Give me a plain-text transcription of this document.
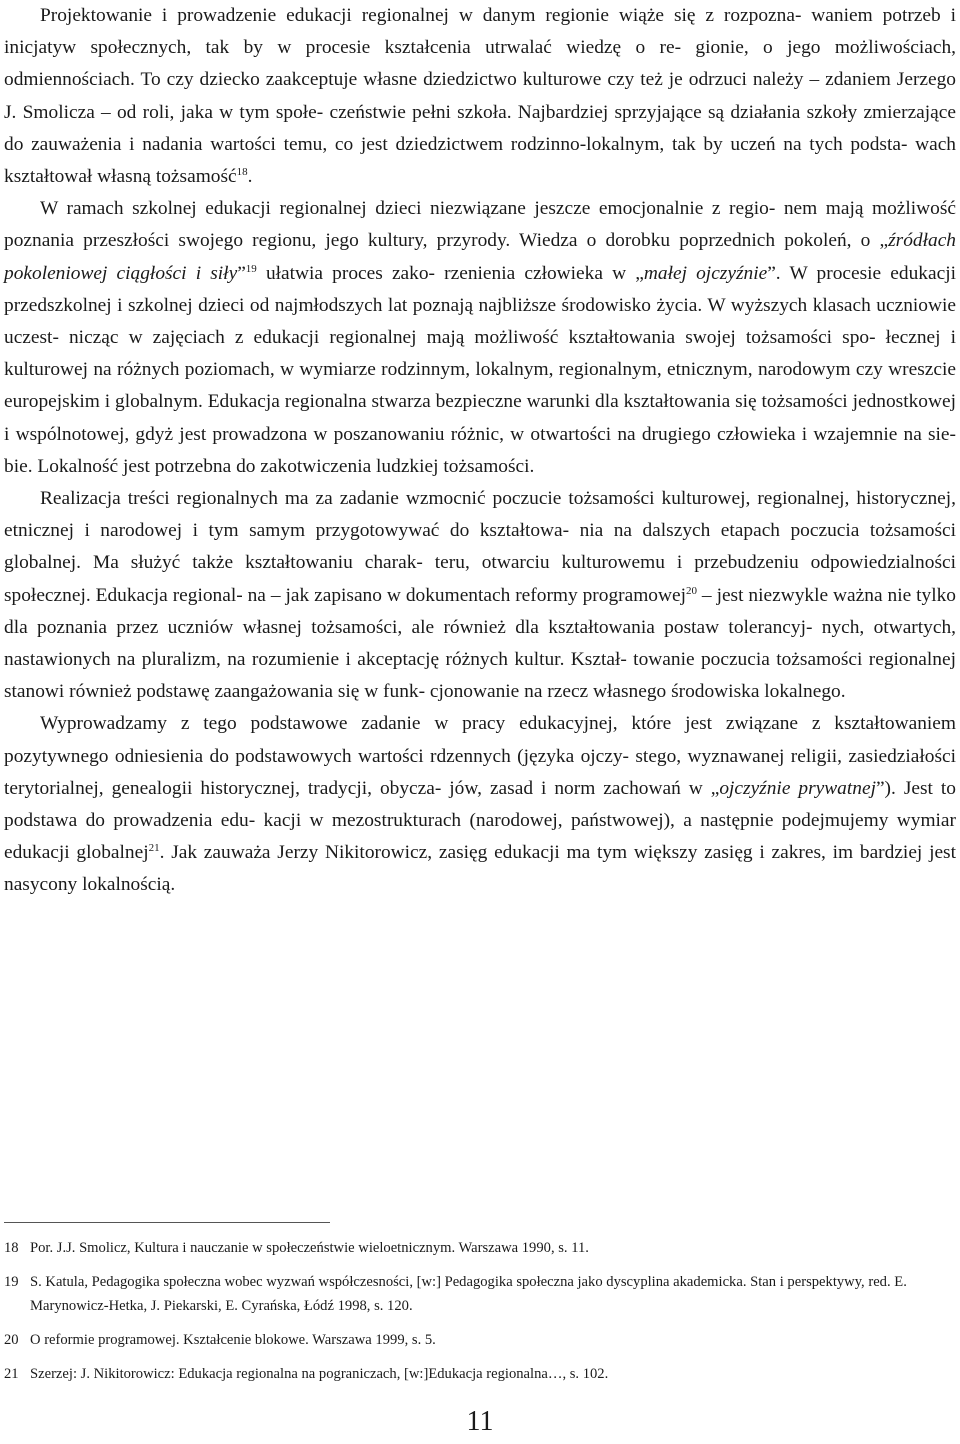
Projektowanie i prowadzenie edukacji regionalnej w danym regionie wiąże się z rozpozna- waniem potrzeb i inicjatyw społecznych, tak by w procesie kształcenia utrwalać wiedzę o re- gionie, o jego możliwościach, odmiennościach. To czy dziecko zaakceptuje własne dziedzictwo kulturowe czy też je odrzuci należy – zdaniem Jerzego J. Smolicza – od roli, jaka w tym społe- czeństwie pełni szkoła. Najbardziej sprzyjające są działania szkoły zmierzające do zauważenia i nadania wartości temu, co jest dziedzictwem rodzinno-lokalnym, tak by uczeń na tych podsta- wach kształtował własną tożsamość$^{18}$.

W ramach szkolnej edukacji regionalnej dzieci niezwiązane jeszcze emocjonalnie z regio- nem mają możliwość poznania przeszłości swojego regionu, jego kultury, przyrody. Wiedza o dorobku poprzednich pokoleń, o „źródłach pokoleniowej ciągłości i siły”$^{19}$ ułatwia proces zako- rzenienia człowieka w „małej ojczyźnie”. W procesie edukacji przedszkolnej i szkolnej dzieci od najmłodszych lat poznają najbliższe środowisko życia. W wyższych klasach uczniowie uczest- nicząc w zajęciach z edukacji regionalnej mają możliwość kształtowania swojej tożsamości spo- łecznej i kulturowej na różnych poziomach, w wymiarze rodzinnym, lokalnym, regionalnym, etnicznym, narodowym czy wreszcie europejskim i globalnym. Edukacja regionalna stwarza bezpieczne warunki dla kształtowania się tożsamości jednostkowej i wspólnotowej, gdyż jest prowadzona w poszanowaniu różnic, w otwartości na drugiego człowieka i wzajemnie na sie- bie. Lokalność jest potrzebna do zakotwiczenia ludzkiej tożsamości.

Realizacja treści regionalnych ma za zadanie wzmocnić poczucie tożsamości kulturowej, regionalnej, historycznej, etnicznej i narodowej i tym samym przygotowywać do kształtowa- nia na dalszych etapach poczucia tożsamości globalnej. Ma służyć także kształtowaniu charak- teru, otwarciu kulturowemu i przebudzeniu odpowiedzialności społecznej. Edukacja regional- na – jak zapisano w dokumentach reformy programowej$^{20}$ – jest niezwykle ważna nie tylko dla poznania przez uczniów własnej tożsamości, ale również dla kształtowania postaw tolerancyj- nych, otwartych, nastawionych na pluralizm, na rozumienie i akceptację różnych kultur. Kształ- towanie poczucia tożsamości regionalnej stanowi również podstawę zaangażowania się w funk- cjonowanie na rzecz własnego środowiska lokalnego.

Wyprowadzamy z tego podstawowe zadanie w pracy edukacyjnej, które jest związane z kształtowaniem pozytywnego odniesienia do podstawowych wartości rdzennych (języka ojczy- stego, wyznawanej religii, zasiedziałości terytorialnej, genealogii historycznej, tradycji, obycza- jów, zasad i norm zachowań w „ojczyźnie prywatnej”). Jest to podstawa do prowadzenia edu- kacji w mezostrukturach (narodowej, państwowej), a następnie podejmujemy wymiar edukacji globalnej$^{21}$. Jak zauważa Jerzy Nikitorowicz, zasięg edukacji ma tym większy zasięg i zakres, im bardziej jest nasycony lokalnością.

18 Por. J.J. Smolicz, Kultura i nauczanie w społeczeństwie wieloetnicznym. Warszawa 1990, s. 11.
19 S. Katula, Pedagogika społeczna wobec wyzwań współczesności, [w:] Pedagogika społeczna jako dyscyplina akademicka. Stan i perspektywy, red. E. Marynowicz-Hetka, J. Piekarski, E. Cyrańska, Łódź 1998, s. 120.
20 O reformie programowej. Kształcenie blokowe. Warszawa 1999, s. 5.
21 Szerzej: J. Nikitorowicz: Edukacja regionalna na pograniczach, [w:]Edukacja regionalna…, s. 102.
11
